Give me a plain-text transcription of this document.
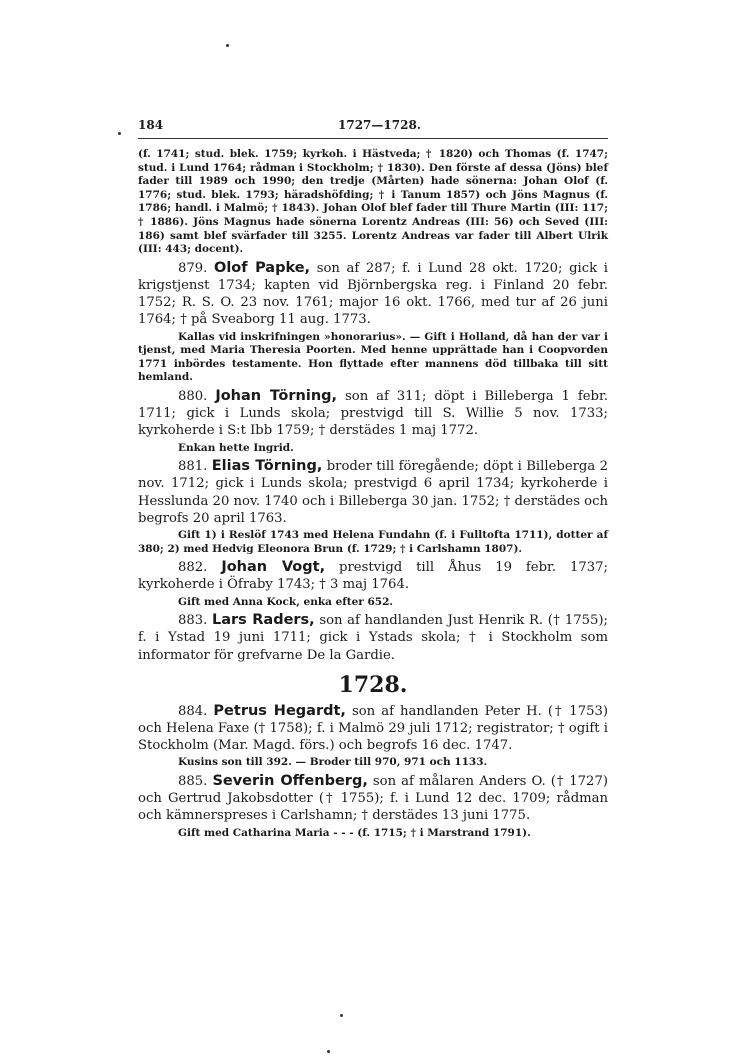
184	1727—1728.

(f. 1741; stud. blek. 1759; kyrkoh. i Hästveda; † 1820) och Thomas (f. 1747; stud. i Lund 1764; rådman i Stockholm; † 1830). Den förste af dessa (Jöns) blef fader till 1989 och 1990; den tredje (Mårten) hade sönerna: Johan Olof (f. 1776; stud. blek. 1793; häradshöfding; † i Tanum 1857) och Jöns Magnus (f. 1786; handl. i Malmö; † 1843). Johan Olof blef fader till Thure Martin (III: 117; † 1886). Jöns Magnus hade sönerna Lorentz Andreas (III: 56) och Seved (III: 186) samt blef svärfader till 3255. Lorentz Andreas var fader till Albert Ulrik (III: 443; docent).

879. Olof Papke, son af 287; f. i Lund 28 okt. 1720; gick i krigstjenst 1734; kapten vid Björnbergska reg. i Finland 20 febr. 1752; R. S. O. 23 nov. 1761; major 16 okt. 1766, med tur af 26 juni 1764; † på Sveaborg 11 aug. 1773.

Kallas vid inskrifningen »honorarius». — Gift i Holland, då han der var i tjenst, med Maria Theresia Poorten. Med henne upprättade han i Coopvorden 1771 inbördes testamente. Hon flyttade efter mannens död tillbaka till sitt hemland.

880. Johan Törning, son af 311; döpt i Billeberga 1 febr. 1711; gick i Lunds skola; prestvigd till S. Willie 5 nov. 1733; kyrkoherde i S:t Ibb 1759; † derstädes 1 maj 1772.

Enkan hette Ingrid.

881. Elias Törning, broder till föregående; döpt i Billeberga 2 nov. 1712; gick i Lunds skola; prestvigd 6 april 1734; kyrkoherde i Hesslunda 20 nov. 1740 och i Billeberga 30 jan. 1752; † derstädes och begrofs 20 april 1763.

Gift 1) i Reslöf 1743 med Helena Fundahn (f. i Fulltofta 1711), dotter af 380; 2) med Hedvig Eleonora Brun (f. 1729; † i Carlshamn 1807).

882. Johan Vogt, prestvigd till Åhus 19 febr. 1737; kyrkoherde i Öfraby 1743; † 3 maj 1764.

Gift med Anna Kock, enka efter 652.

883. Lars Raders, son af handlanden Just Henrik R. († 1755); f. i Ystad 19 juni 1711; gick i Ystads skola; † i Stockholm som informator för grefvarne De la Gardie.

1728.

884. Petrus Hegardt, son af handlanden Peter H. († 1753) och Helena Faxe († 1758); f. i Malmö 29 juli 1712; registrator; † ogift i Stockholm (Mar. Magd. förs.) och begrofs 16 dec. 1747.

Kusins son till 392. — Broder till 970, 971 och 1133.

885. Severin Offenberg, son af målaren Anders O. († 1727) och Gertrud Jakobsdotter († 1755); f. i Lund 12 dec. 1709; rådman och kämnerspreses i Carlshamn; † derstädes 13 juni 1775.

Gift med Catharina Maria - - - (f. 1715; † i Marstrand 1791).
